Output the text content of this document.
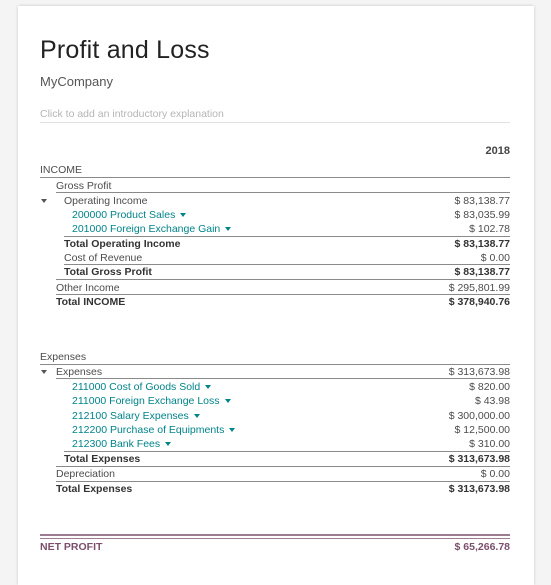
Profit and Loss
MyCompany
Click to add an introductory explanation
2018
INCOME
Gross Profit
Operating Income	$ 83,138.77
200000 Product Sales	$ 83,035.99
201000 Foreign Exchange Gain	$ 102.78
Total Operating Income	$ 83,138.77
Cost of Revenue	$ 0.00
Total Gross Profit	$ 83,138.77
Other Income	$ 295,801.99
Total INCOME	$ 378,940.76
Expenses
Expenses	$ 313,673.98
211000 Cost of Goods Sold	$ 820.00
211000 Foreign Exchange Loss	$ 43.98
212100 Salary Expenses	$ 300,000.00
212200 Purchase of Equipments	$ 12,500.00
212300 Bank Fees	$ 310.00
Total Expenses	$ 313,673.98
Depreciation	$ 0.00
Total Expenses	$ 313,673.98
NET PROFIT	$ 65,266.78
